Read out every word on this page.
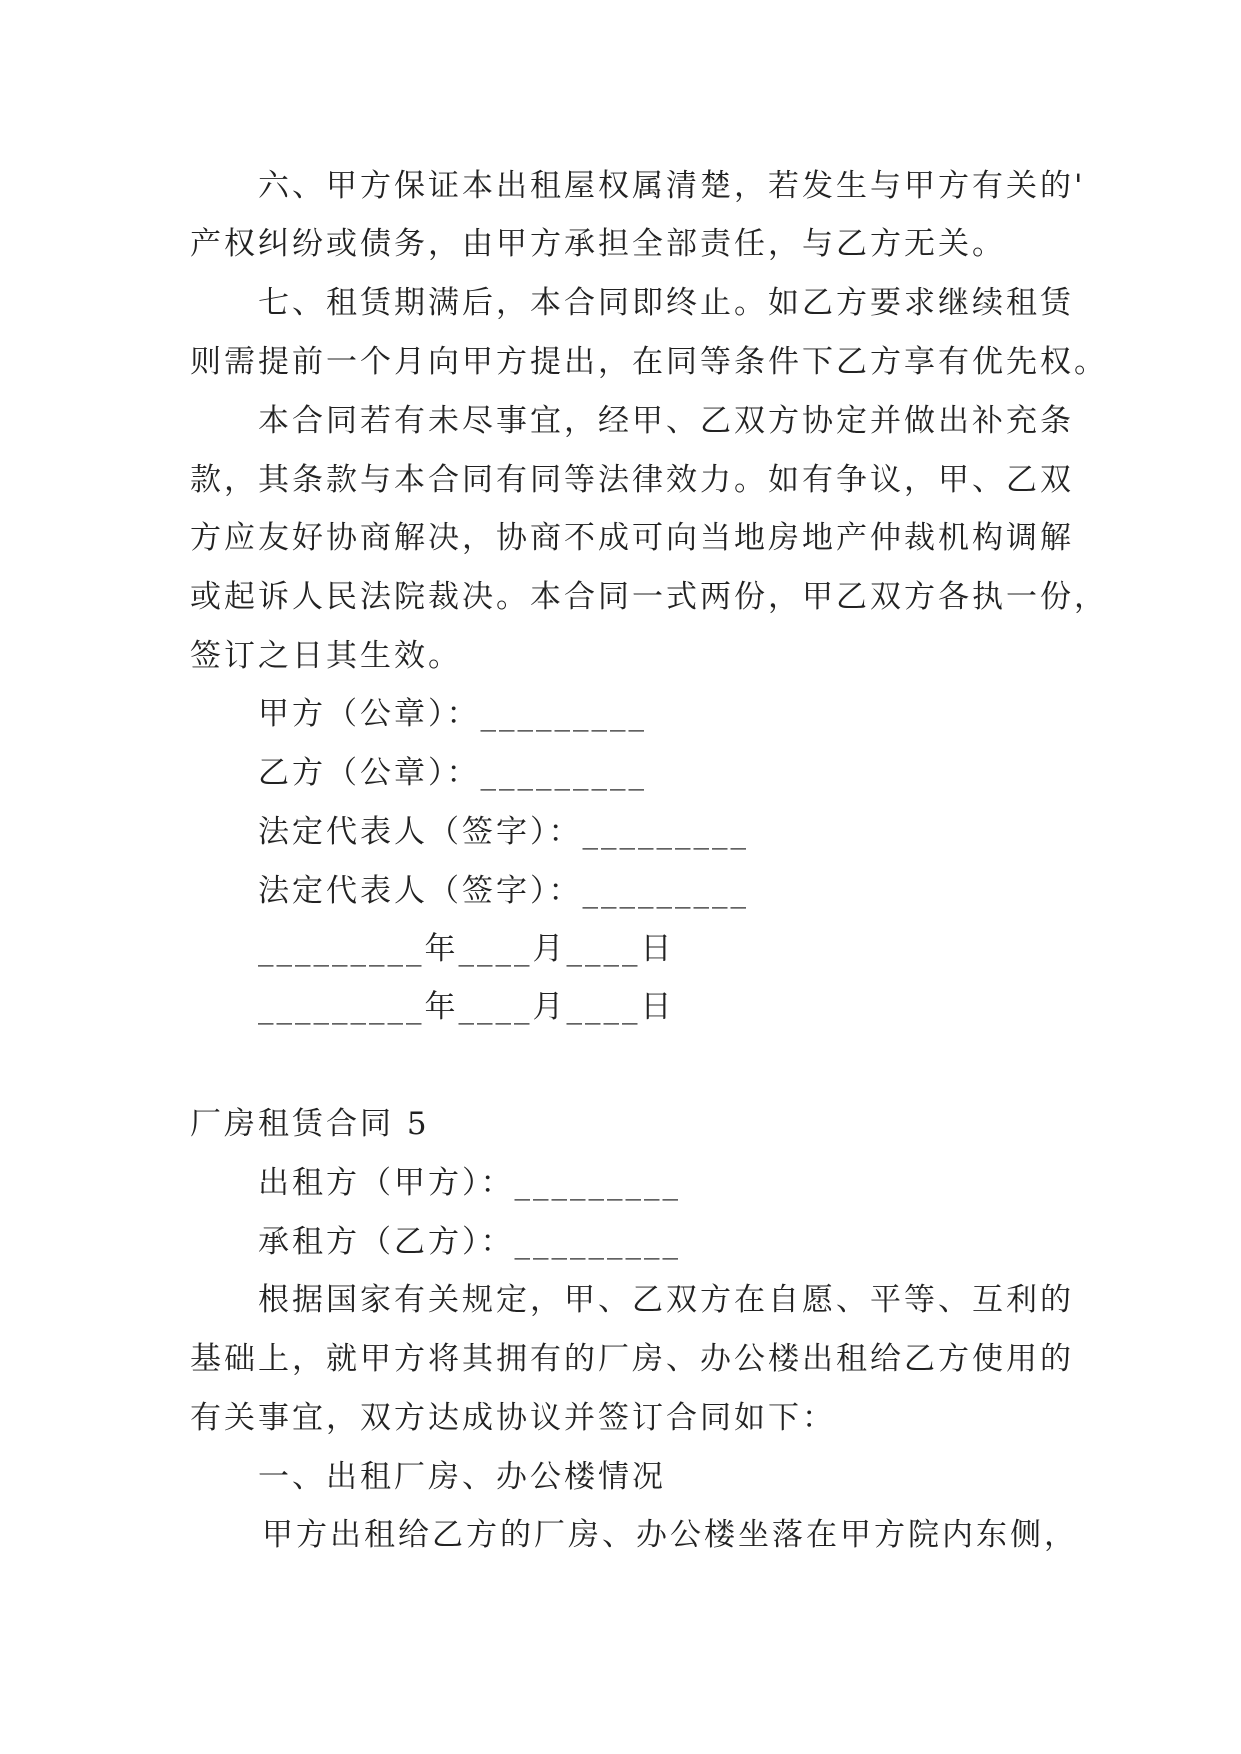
六、甲方保证本出租屋权属清楚，若发生与甲方有关的'
产权纠纷或债务，由甲方承担全部责任，与乙方无关。
七、租赁期满后，本合同即终止。如乙方要求继续租赁
则需提前一个月向甲方提出，在同等条件下乙方享有优先权。
本合同若有未尽事宜，经甲、乙双方协定并做出补充条
款，其条款与本合同有同等法律效力。如有争议，甲、乙双
方应友好协商解决，协商不成可向当地房地产仲裁机构调解
或起诉人民法院裁决。本合同一式两份，甲乙双方各执一份，
签订之日其生效。
甲方（公章）：_________
乙方（公章）：_________
法定代表人（签字）：_________
法定代表人（签字）：_________
_________年____月____日
_________年____月____日
厂房租赁合同 5
出租方（甲方）：_________
承租方（乙方）：_________
根据国家有关规定，甲、乙双方在自愿、平等、互利的
基础上，就甲方将其拥有的厂房、办公楼出租给乙方使用的
有关事宜，双方达成协议并签订合同如下：
一、出租厂房、办公楼情况
甲方出租给乙方的厂房、办公楼坐落在甲方院内东侧，
